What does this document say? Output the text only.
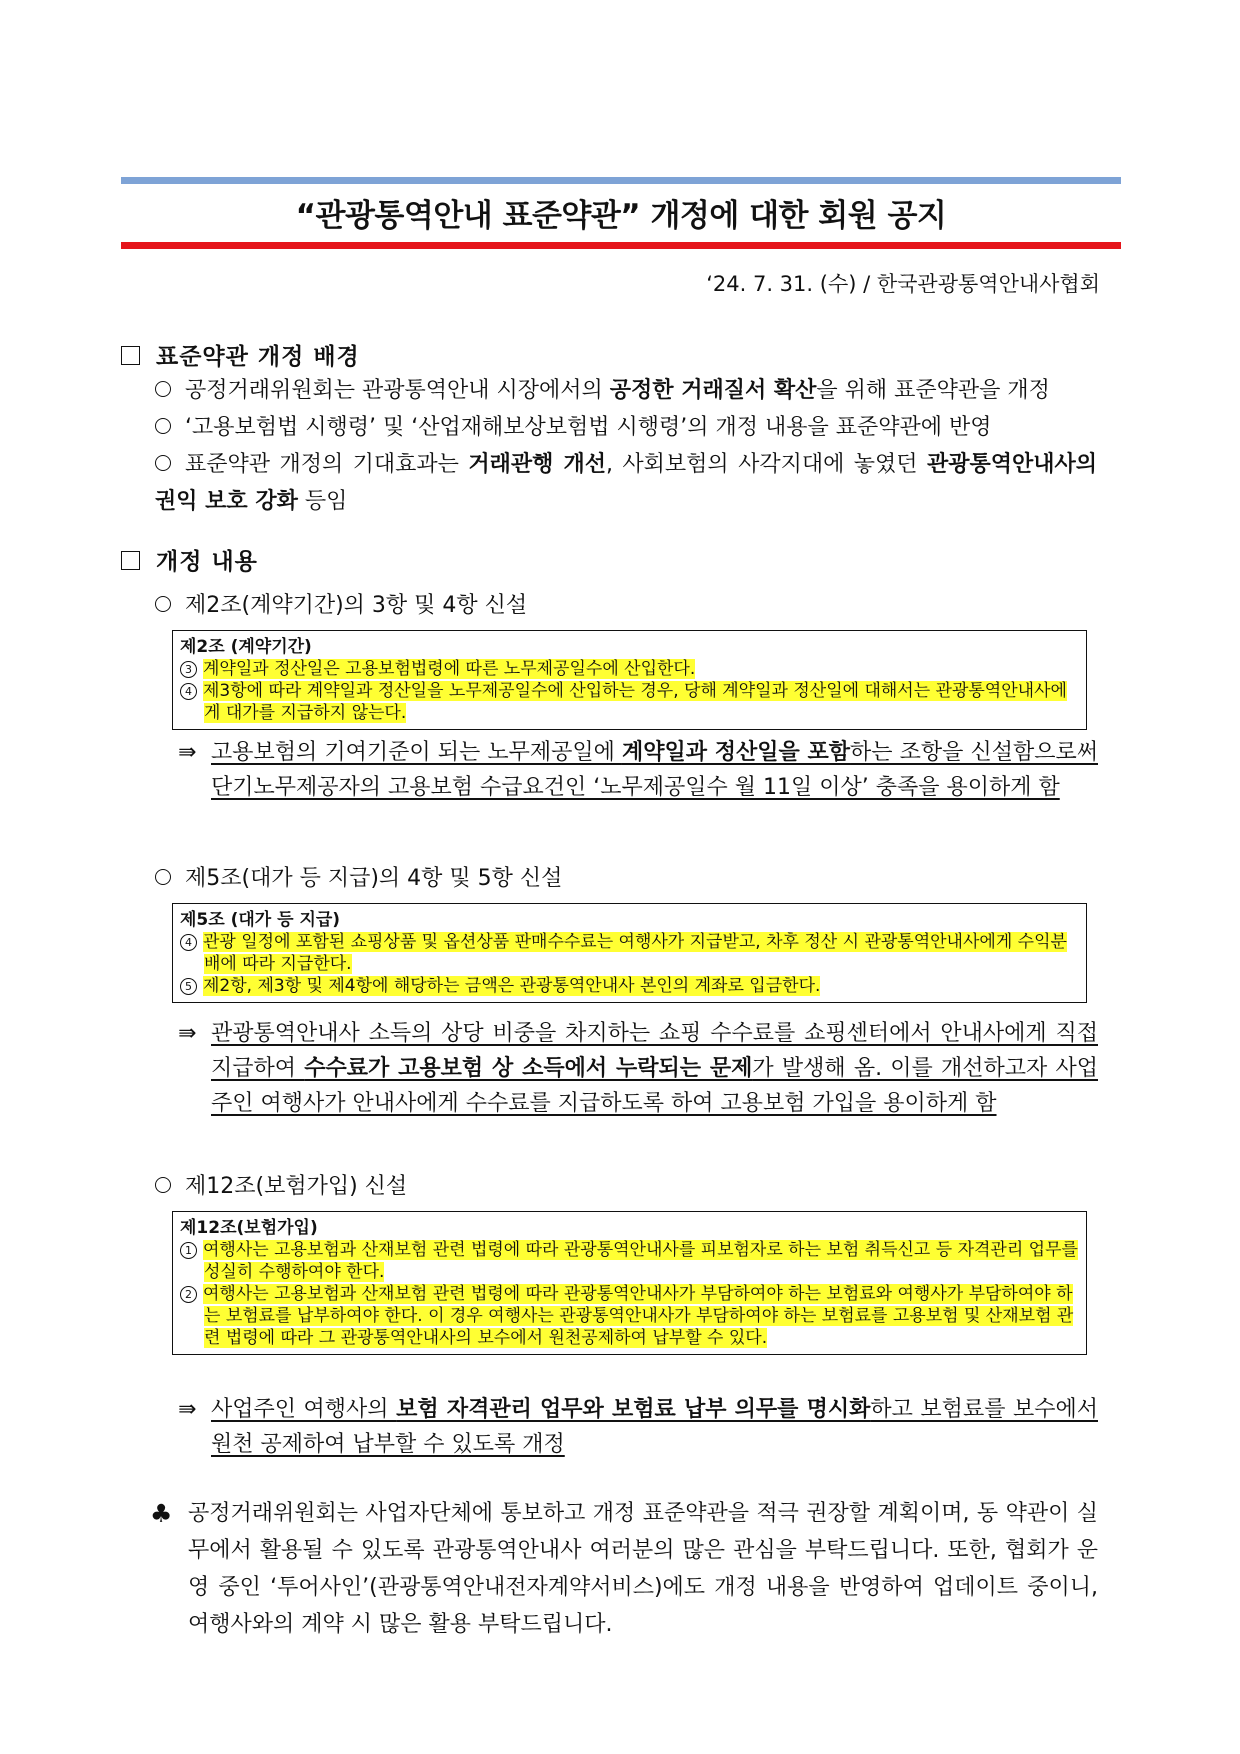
“관광통역안내 표준약관” 개정에 대한 회원 공지
‘24. 7. 31. (수) / 한국관광통역안내사협회
표준약관 개정 배경
공정거래위원회는 관광통역안내 시장에서의 공정한 거래질서 확산을 위해 표준약관을 개정
‘고용보험법 시행령’ 및 ‘산업재해보상보험법 시행령’의 개정 내용을 표준약관에 반영
표준약관 개정의 기대효과는 거래관행 개선, 사회보험의 사각지대에 놓였던 관광통역안내사의 권익 보호 강화 등임
개정 내용
제2조(계약기간)의 3항 및 4항 신설
제2조 (계약기간)
3 계약일과 정산일은 고용보험법령에 따른 노무제공일수에 산입한다.
4 제3항에 따라 계약일과 정산일을 노무제공일수에 산입하는 경우, 당해 계약일과 정산일에 대해서는 관광통역안내사에게 대가를 지급하지 않는다.
⇛ 고용보험의 기여기준이 되는 노무제공일에 계약일과 정산일을 포함하는 조항을 신설함으로써 단기노무제공자의 고용보험 수급요건인 ‘노무제공일수 월 11일 이상’ 충족을 용이하게 함
제5조(대가 등 지급)의 4항 및 5항 신설
제5조 (대가 등 지급)
4 관광 일정에 포함된 쇼핑상품 및 옵션상품 판매수수료는 여행사가 지급받고, 차후 정산 시 관광통역안내사에게 수익분배에 따라 지급한다.
5 제2항, 제3항 및 제4항에 해당하는 금액은 관광통역안내사 본인의 계좌로 입금한다.
⇛ 관광통역안내사 소득의 상당 비중을 차지하는 쇼핑 수수료를 쇼핑센터에서 안내사에게 직접 지급하여 수수료가 고용보험 상 소득에서 누락되는 문제가 발생해 옴. 이를 개선하고자 사업주인 여행사가 안내사에게 수수료를 지급하도록 하여 고용보험 가입을 용이하게 함
제12조(보험가입) 신설
제12조(보험가입)
1 여행사는 고용보험과 산재보험 관련 법령에 따라 관광통역안내사를 피보험자로 하는 보험 취득신고 등 자격관리 업무를 성실히 수행하여야 한다.
2 여행사는 고용보험과 산재보험 관련 법령에 따라 관광통역안내사가 부담하여야 하는 보험료와 여행사가 부담하여야 하는 보험료를 납부하여야 한다. 이 경우 여행사는 관광통역안내사가 부담하여야 하는 보험료를 고용보험 및 산재보험 관련 법령에 따라 그 관광통역안내사의 보수에서 원천공제하여 납부할 수 있다.
⇛ 사업주인 여행사의 보험 자격관리 업무와 보험료 납부 의무를 명시화하고 보험료를 보수에서 원천 공제하여 납부할 수 있도록 개정
♣ 공정거래위원회는 사업자단체에 통보하고 개정 표준약관을 적극 권장할 계획이며, 동 약관이 실무에서 활용될 수 있도록 관광통역안내사 여러분의 많은 관심을 부탁드립니다. 또한, 협회가 운영 중인 ‘투어사인’(관광통역안내전자계약서비스)에도 개정 내용을 반영하여 업데이트 중이니, 여행사와의 계약 시 많은 활용 부탁드립니다.
